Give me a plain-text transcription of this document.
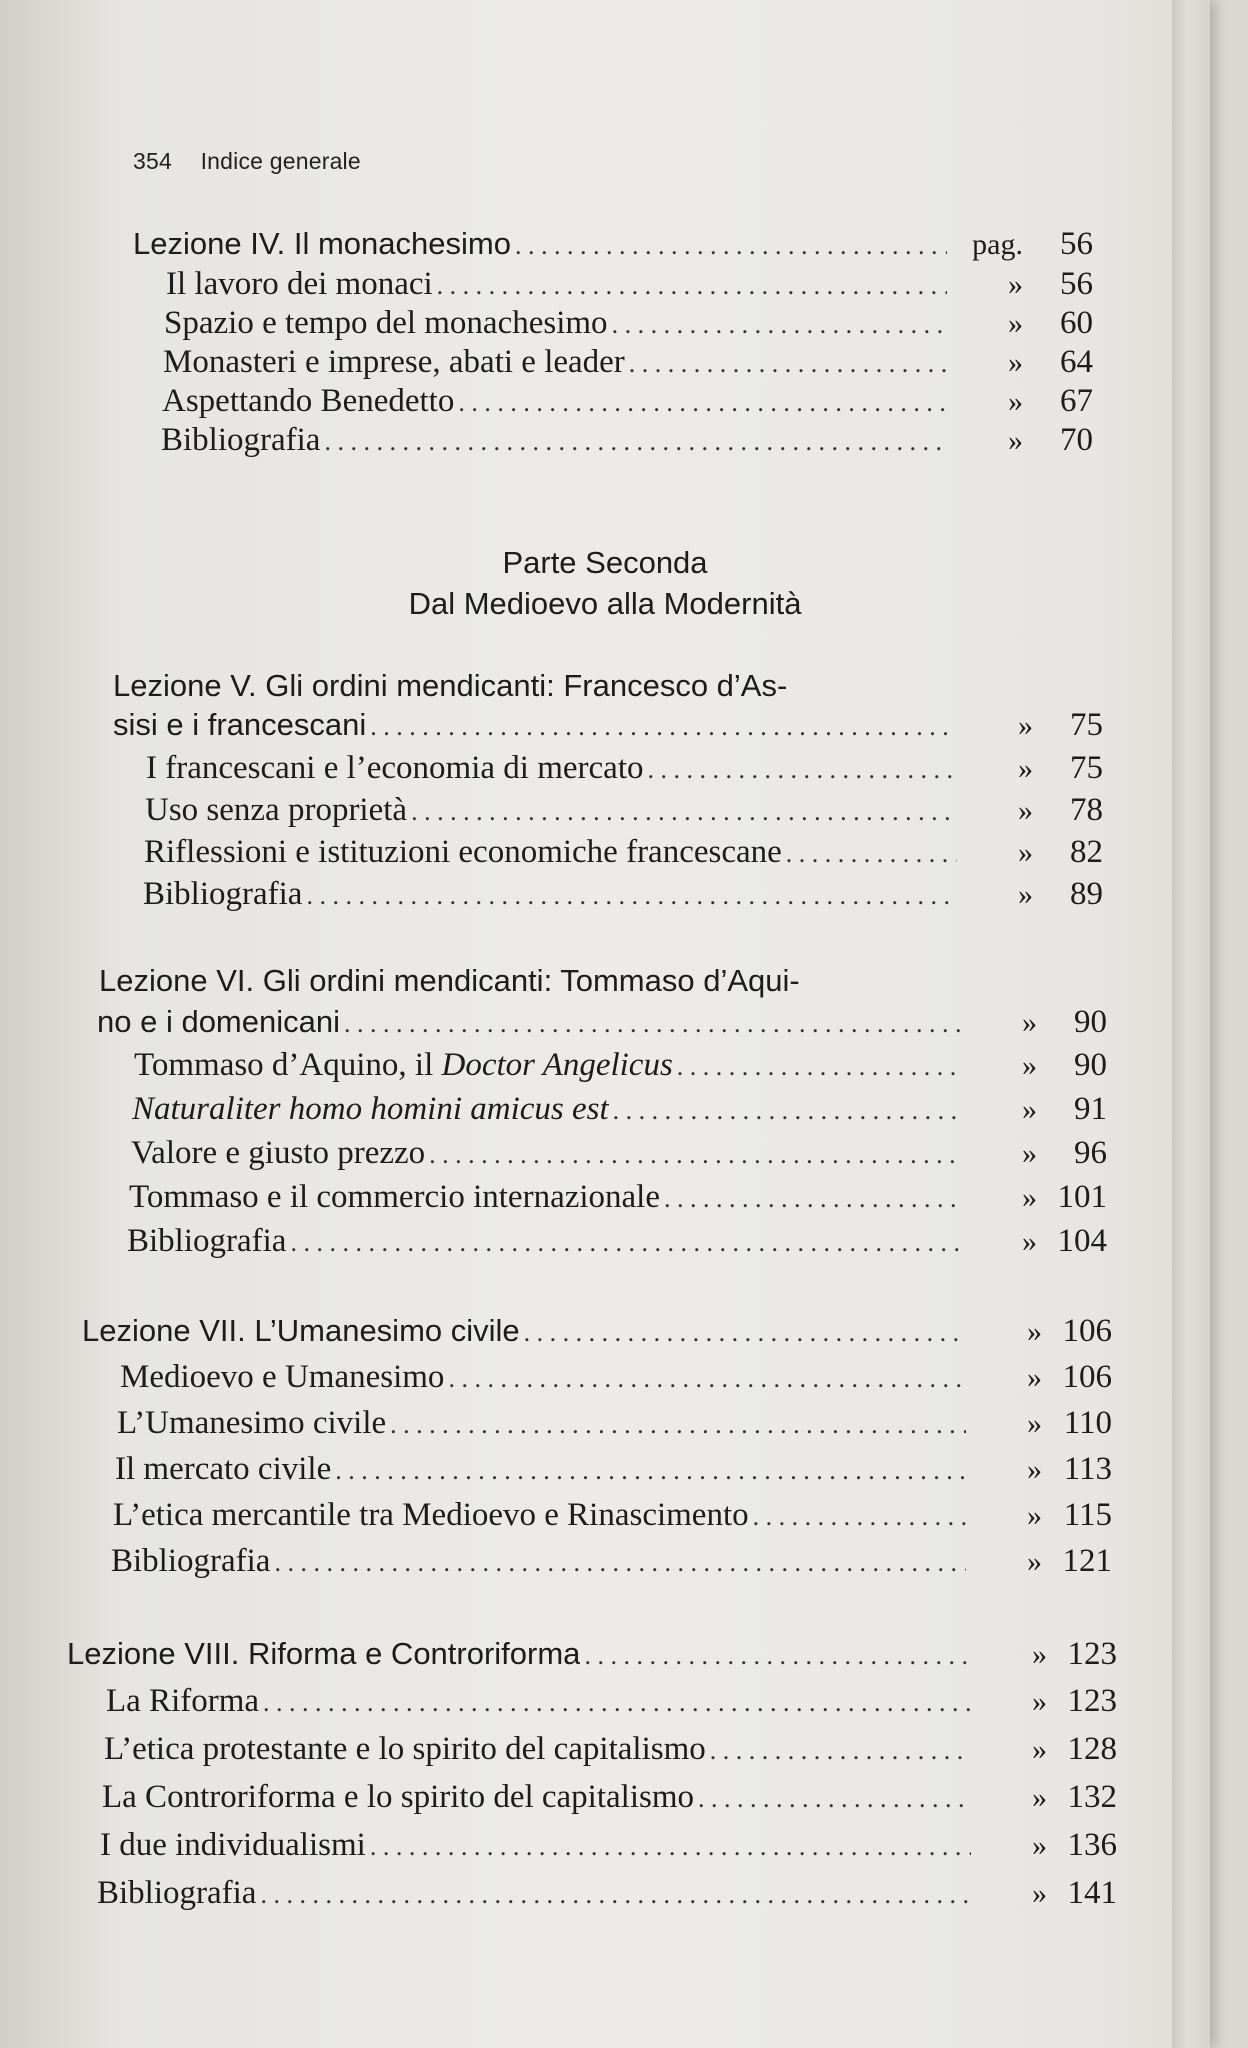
354 Indice generale
Lezione IV. Il monachesimo . . .	pag.	56
Il lavoro dei monaci . . .	»	56
Spazio e tempo del monachesimo . . .	»	60
Monasteri e imprese, abati e leader . . .	»	64
Aspettando Benedetto . . .	»	67
Bibliografia . . .	»	70
Parte Seconda
Dal Medioevo alla Modernità
Lezione V. Gli ordini mendicanti: Francesco d’As-
sisi e i francescani . . .	»	75
I francescani e l’economia di mercato . . .	»	75
Uso senza proprietà . . .	»	78
Riflessioni e istituzioni economiche francescane . . .	»	82
Bibliografia . . .	»	89
Lezione VI. Gli ordini mendicanti: Tommaso d’Aqui-
no e i domenicani . . .	»	90
Tommaso d’Aquino, il Doctor Angelicus . . .	»	90
Naturaliter homo homini amicus est . . .	»	91
Valore e giusto prezzo . . .	»	96
Tommaso e il commercio internazionale . . .	» 101
Bibliografia . . .	» 104
Lezione VII. L’Umanesimo civile . . .	» 106
Medioevo e Umanesimo . . .	» 106
L’Umanesimo civile . . .	» 110
Il mercato civile . . .	» 113
L’etica mercantile tra Medioevo e Rinascimento . . .	» 115
Bibliografia . . .	» 121
Lezione VIII. Riforma e Controriforma . . .	» 123
La Riforma . . .	» 123
L’etica protestante e lo spirito del capitalismo . . .	» 128
La Controriforma e lo spirito del capitalismo . . .	» 132
I due individualismi . . .	» 136
Bibliografia . . .	» 141
